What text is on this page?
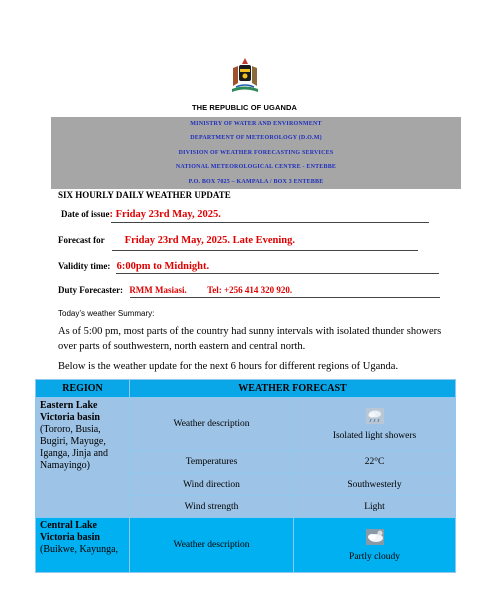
THE REPUBLIC OF UGANDA
MINISTRY OF WATER AND ENVIRONMENT
DEPARTMENT OF METEOROLOGY (D.O.M)
DIVISION OF WEATHER FORECASTING SERVICES
NATIONAL METEOROLOGICAL CENTRE - ENTEBBE
P.O. BOX 7025 – KAMPALA / BOX 3 ENTEBBE
SIX HOURLY DAILY WEATHER UPDATE
Date of issue: Friday 23rd May, 2025.
Forecast for Friday 23rd May, 2025. Late Evening.
Validity time: 6:00pm to Midnight.
Duty Forecaster: RMM Masiasi. Tel: +256 414 320 920.
Today’s weather Summary:
As of 5:00 pm, most parts of the country had sunny intervals with isolated thunder showers over parts of southwestern, north eastern and central north.
Below is the weather update for the next 6 hours for different regions of Uganda.
REGION	WEATHER FORECAST	
Eastern Lake Victoria basin
(Tororo, Busia, Bugiri, Mayuge, Iganga, Jinja and Namayingo)	Weather description	Isolated light showers
	Temperatures	22°C
	Wind direction	Southwesterly
	Wind strength	Light
Central Lake Victoria basin
(Buikwe, Kayunga,	Weather description	Partly cloudy
